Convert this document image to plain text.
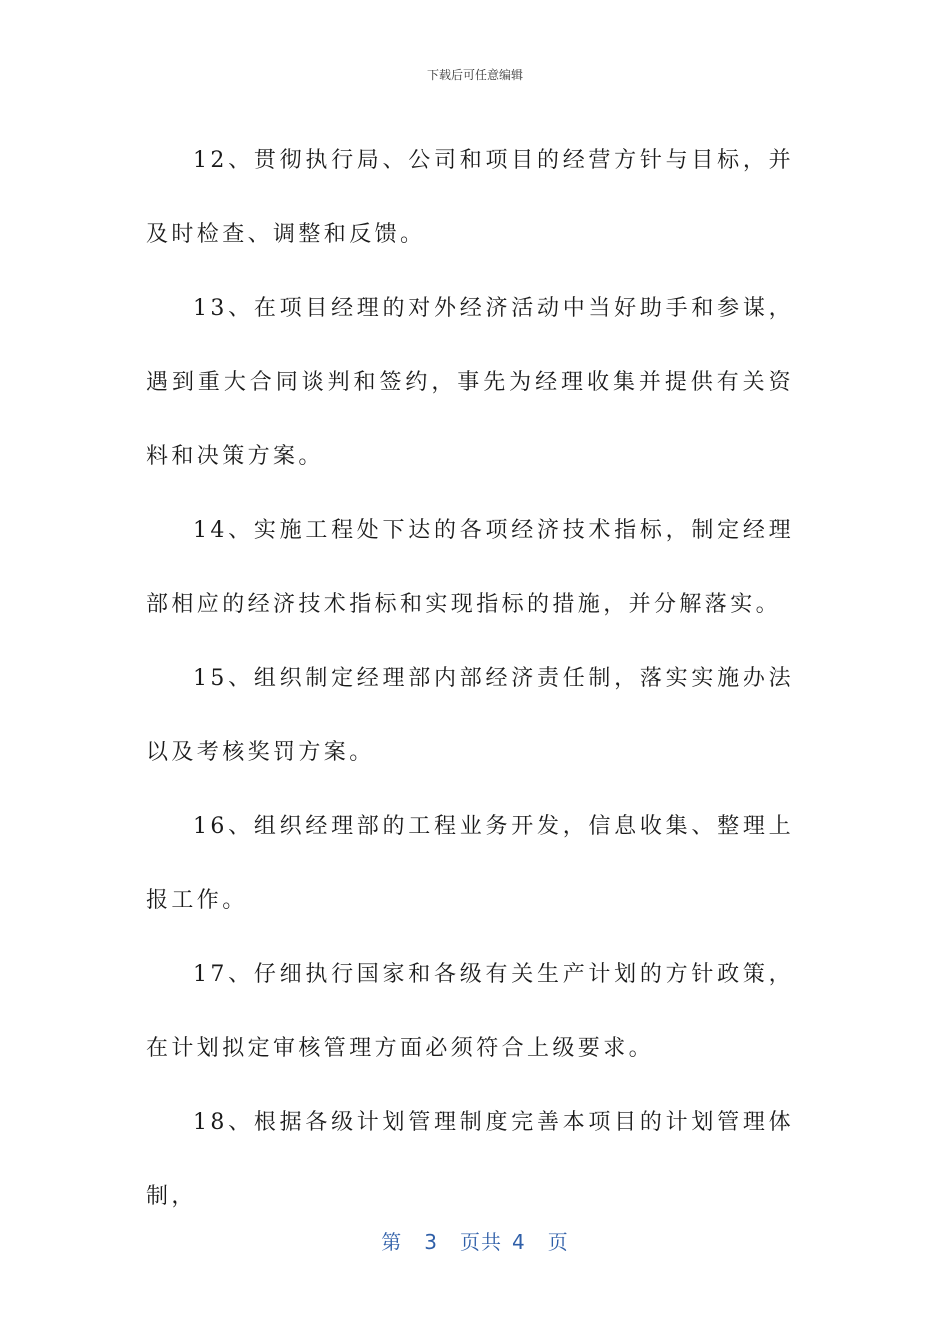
下载后可任意编辑

12、贯彻执行局、公司和项目的经营方针与目标，并及时检查、调整和反馈。

13、在项目经理的对外经济活动中当好助手和参谋，遇到重大合同谈判和签约，事先为经理收集并提供有关资料和决策方案。

14、实施工程处下达的各项经济技术指标，制定经理部相应的经济技术指标和实现指标的措施，并分解落实。

15、组织制定经理部内部经济责任制，落实实施办法以及考核奖罚方案。

16、组织经理部的工程业务开发，信息收集、整理上报工作。

17、仔细执行国家和各级有关生产计划的方针政策，在计划拟定审核管理方面必须符合上级要求。

18、根据各级计划管理制度完善本项目的计划管理体制，

第 3 页共 4 页
